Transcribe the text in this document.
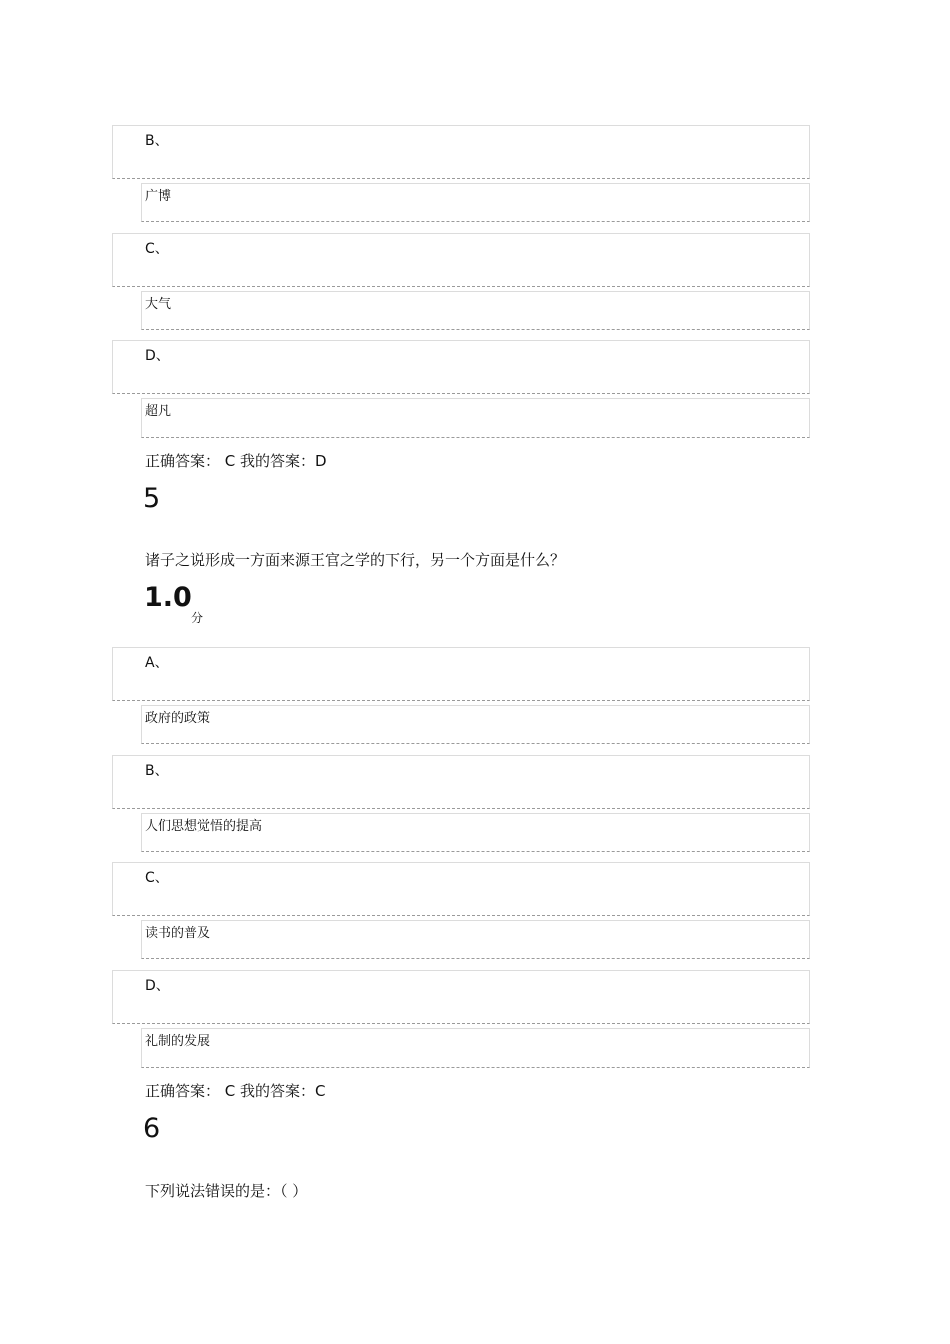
B、
广博
C、
大气
D、
超凡
正确答案： C 我的答案：D
5
诸子之说形成一方面来源王官之学的下行，另一个方面是什么？
1.0
分
A、
政府的政策
B、
人们思想觉悟的提高
C、
读书的普及
D、
礼制的发展
正确答案： C 我的答案：C
6
下列说法错误的是：（ ）
